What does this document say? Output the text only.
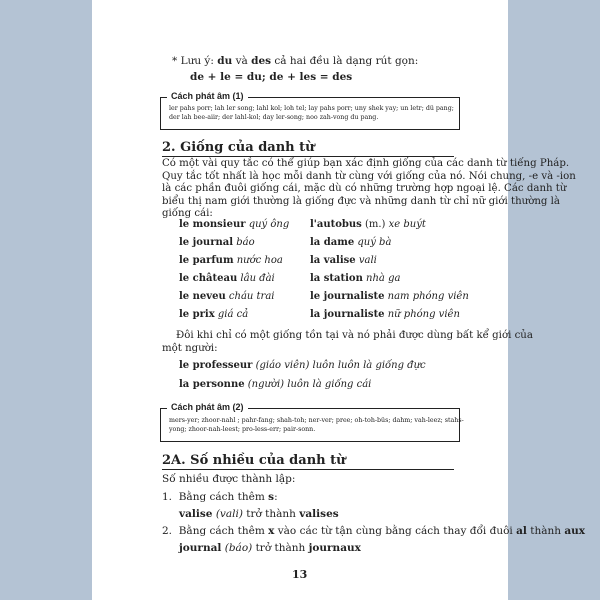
* Lưu ý: du và des cả hai đều là dạng rút gọn:
de + le = du; de + les = des
Cách phát âm (1)
ler pahs porr; lah ler song; lahl kol; loh tel; lay pahs porr; uny shek yay; un letr; dü pang;
der lah bee-aiir; der lahl-kol; day ler-song; noo zah-vong du pang.
2. Giống của danh từ
Có một vài quy tắc có thể giúp bạn xác định giống của các danh từ tiếng Pháp.
Quy tắc tốt nhất là học mỗi danh từ cùng với giống của nó. Nói chung, -e và -ion
là các phần đuôi giống cái, mặc dù có những trường hợp ngoại lệ. Các danh từ
biểu thị nam giới thường là giống đực và những danh từ chỉ nữ giới thường là
giống cái:
le monsieur quý ông l'autobus (m.) xe buýt
le journal báo	la dame quý bà
le parfum nước hoa	la valise vali
le château lâu đài	la station nhà ga
le neveu cháu trai	le journaliste nam phóng viên
le prix giá cả	la journaliste nữ phóng viên
Đôi khi chỉ có một giống tồn tại và nó phải được dùng bất kể giới của
một người:
le professeur (giáo viên) luôn luôn là giống đực
la personne (người) luôn là giống cái
Cách phát âm (2)
mers-yer; zhoor-nahl ; pahr-fang; shah-toh; ner-ver; pree; oh-toh-büs; dahm; vah-leez; stahs-
yong; zhoor-nah-leest; pro-less-err; pair-sonn.
2A. Số nhiều của danh từ
Số nhiều được thành lập:
1. Bằng cách thêm s:
valise (vali) trở thành valises
2. Bằng cách thêm x vào các từ tận cùng bằng cách thay đổi đuôi al thành aux
journal (báo) trở thành journaux
13
